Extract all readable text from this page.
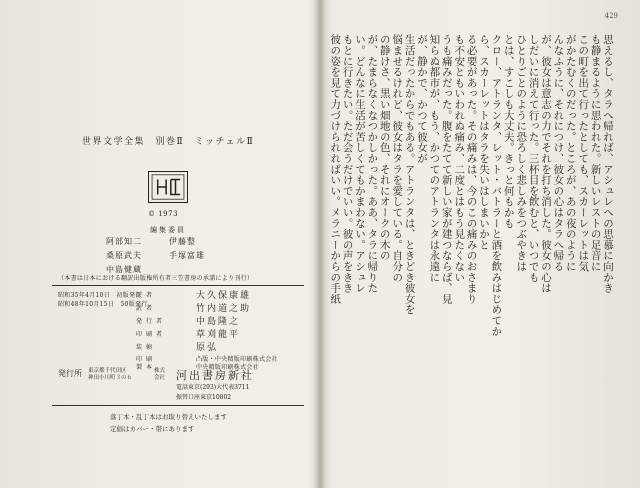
429
世界文学全集　別巻Ⅱ　ミッチェルⅡ
© 1973
編集委員
阿部知二	伊藤整
桑原武夫	手塚富雄
中島健蔵
（本書は日本における翻訳出版権所有者三笠書房の承諾により刊行）
昭和35年4月10日　初版発行
昭和48年10月15日　50版発行
訳者	大久保康雄
訳者	竹内道之助
発行者	中島隆之
印刷者	草刈龍平
装幀	原弘
印刷	凸版・中央精版印刷株式会社
製本	中央精版印刷株式会社
発行所 東京都千代田区
神田小川町３の６
株式
会社 河出書房新社
電話東京(293)大代表3711
振替口座東京10802
落丁本・乱丁本はお取り替えいたします
定価はカバー・帯にあります
思えるし、タラへ帰れば、アシュレへの思慕に向かき
も静まるように思われた。新しいレストの足音に
この町を出て行ったとしても、スカーレットは気
がかたむくのだった。ところが、あの夜のように
んなふうに、それにつけ、彼女の心はタラへ帰る
が、彼女は意志の力でそれを打ち消した。彼女の心は
しだいに消えて行った。三杯目を飲むと、いつでも
ひとりごとのように恐ろしく悲しみをつぶやきは
とは、すこしも大丈夫。きっと何もかも
クロー、アトランタ、レット・バトラーと酒を飲みはじめてか
ら、スカーレットはタラを失いはしまいかと
る必要があった。その痛みは、今のこの痛みのおさまり
も不安ともいわれぬ痛み、二度とはもう見たくない
うも痛みだった。腹をたてて新しい家が建つならば、見
知らぬ都市が、もう、かつてのアトランタは永遠に
が、静かで、かつて彼女が
生活だったからでもある。アトランタは、ときどき彼女を
悩ませるけれど、彼女はタラを愛している。自分の
の静けさ、黒い畑地の色、それにオークの木の
が、たまらなくなつかしかった。ああ、タラに帰りた
い。どんなに生活が苦しくてもかまわない。アシュレ
もとに行きたい。ただ会うだけでいい。彼の声をきき
彼の姿を見て力づけられればいい。メラニーからの手紙
